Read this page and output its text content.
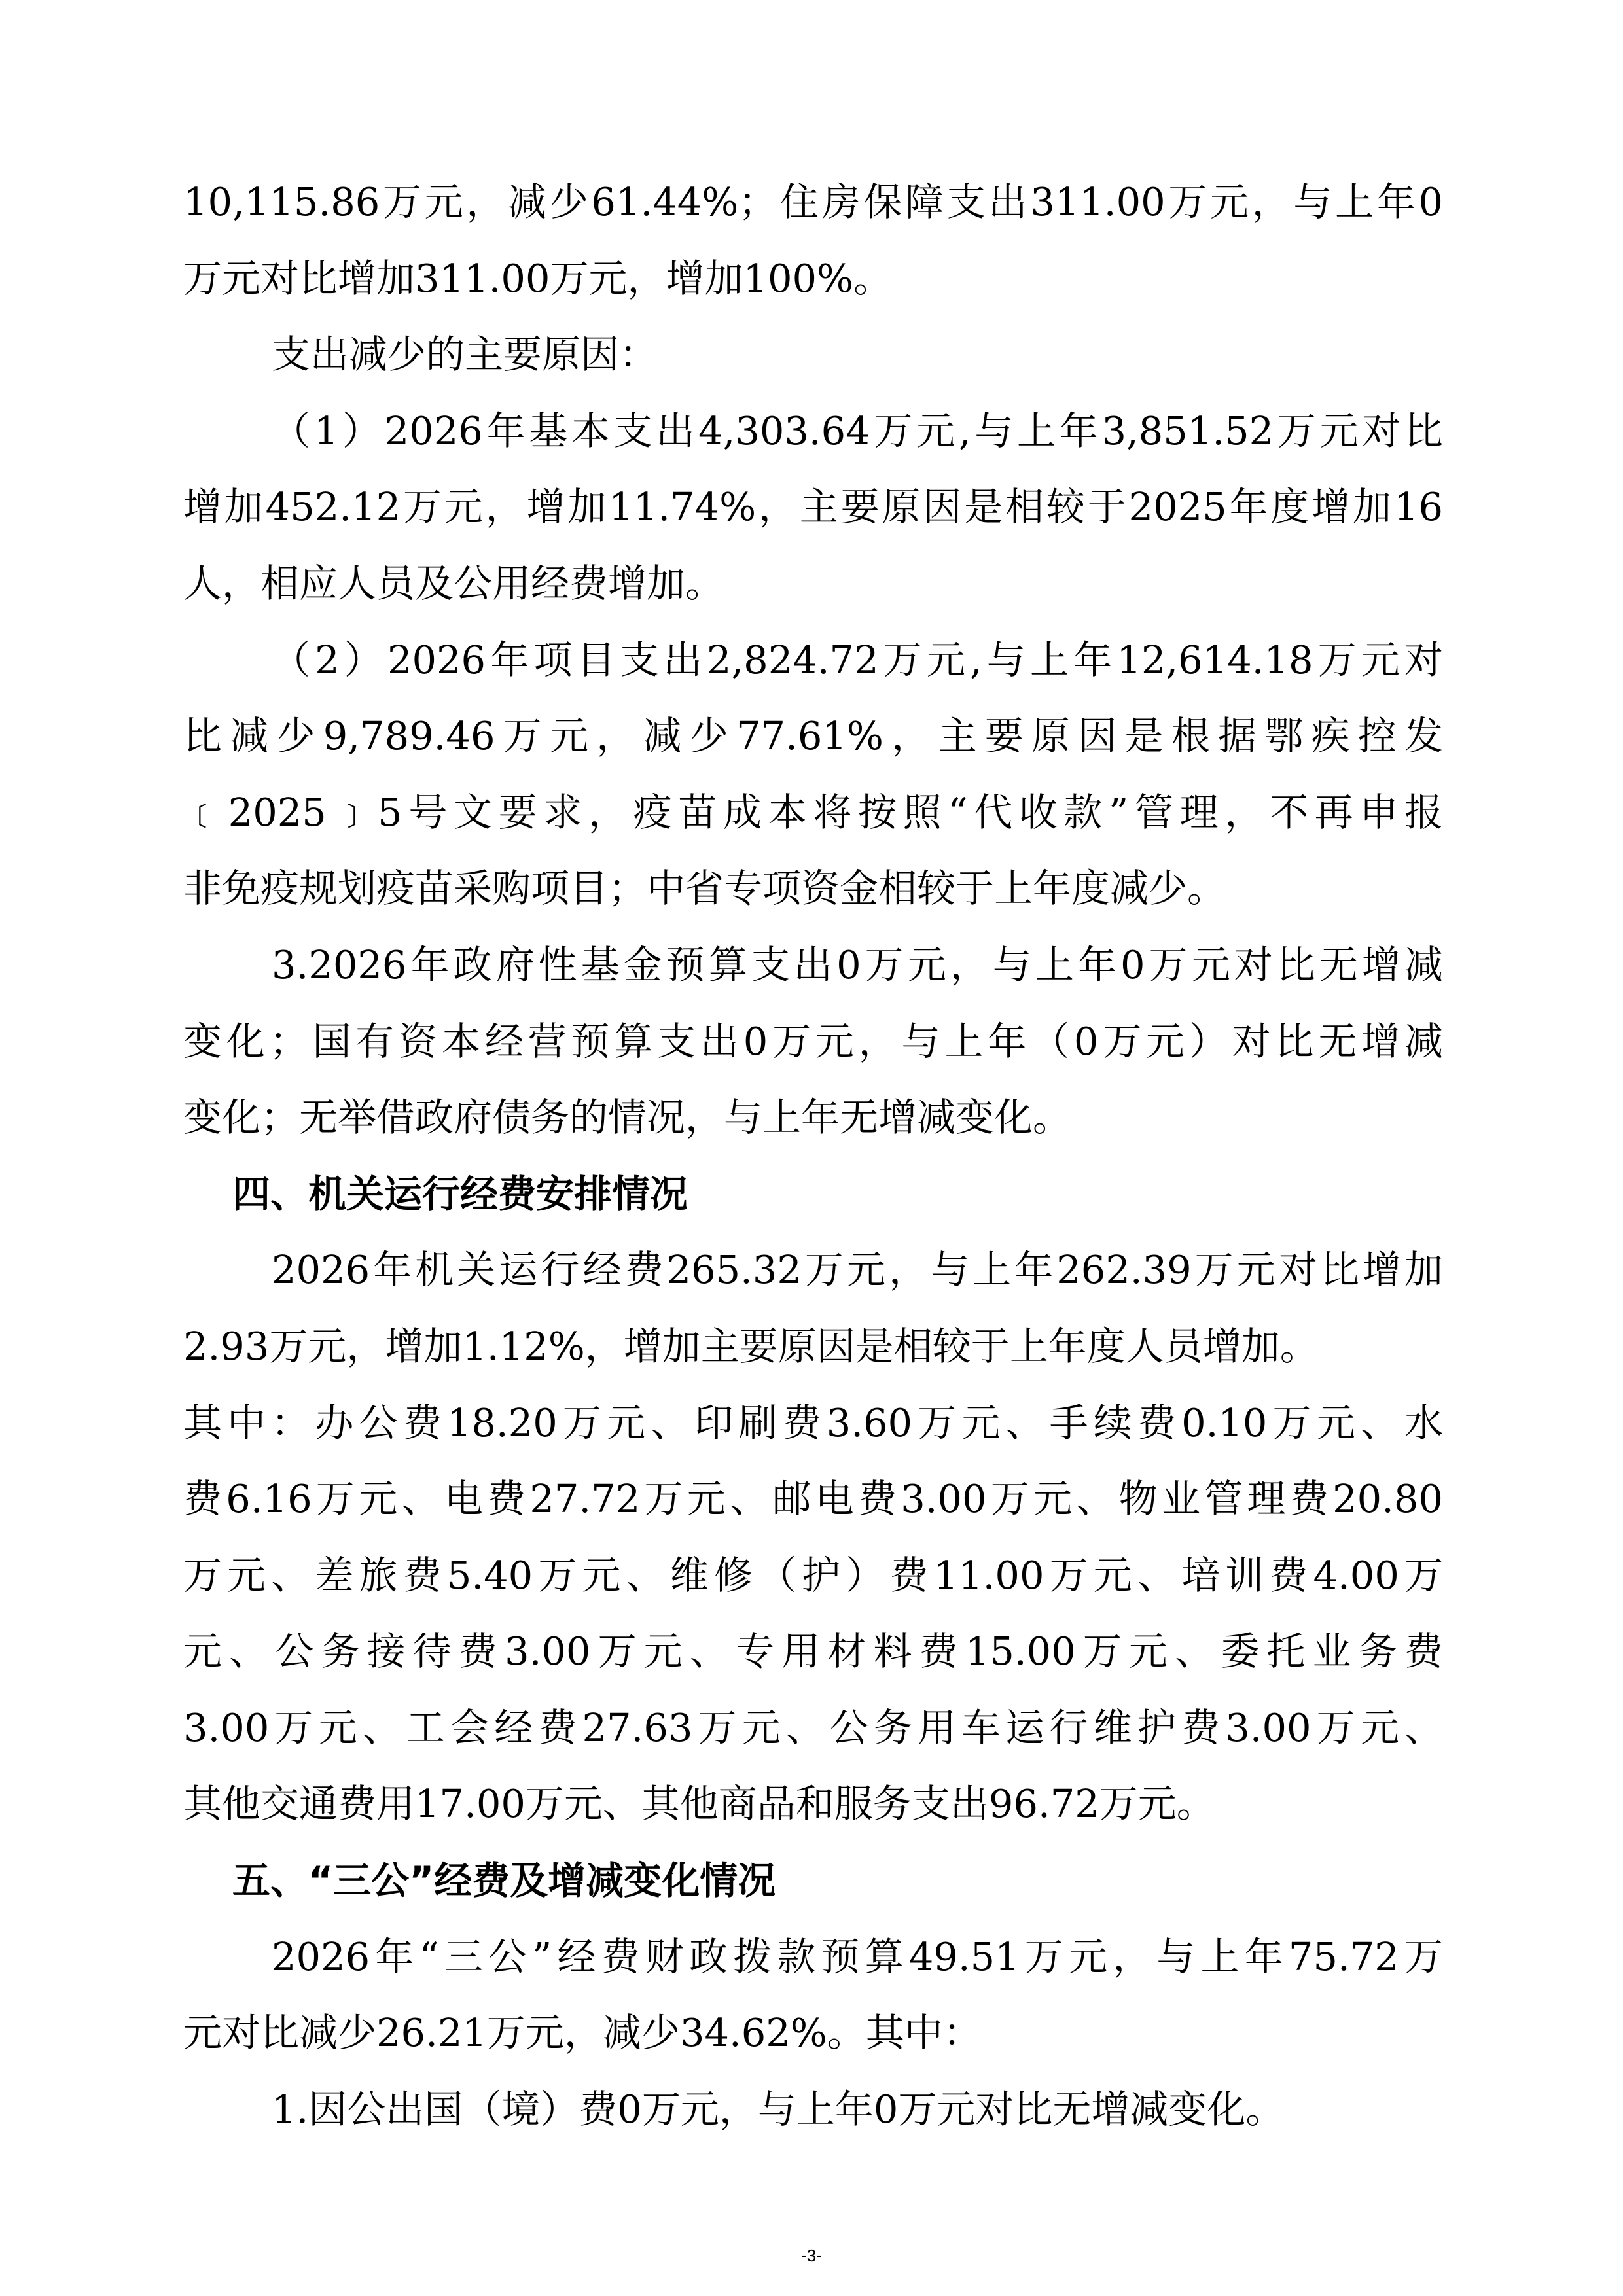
10,115.86万元，减少61.44%；住房保障支出311.00万元，与上年0
万元对比增加311.00万元，增加100%。
支出减少的主要原因：
（1）2026年基本支出4,303.64万元,与上年3,851.52万元对比
增加452.12万元，增加11.74%，主要原因是相较于2025年度增加16
人，相应人员及公用经费增加。
（2）2026年项目支出2,824.72万元,与上年12,614.18万元对
比减少9,789.46万元，减少77.61%，主要原因是根据鄂疾控发
﹝2025﹞5号文要求，疫苗成本将按照“代收款”管理，不再申报
非免疫规划疫苗采购项目；中省专项资金相较于上年度减少。
3.2026年政府性基金预算支出0万元，与上年0万元对比无增减
变化；国有资本经营预算支出0万元，与上年（0万元）对比无增减
变化；无举借政府债务的情况，与上年无增减变化。
四、机关运行经费安排情况
2026年机关运行经费265.32万元，与上年262.39万元对比增加
2.93万元，增加1.12%，增加主要原因是相较于上年度人员增加。
其中：办公费18.20万元、印刷费3.60万元、手续费0.10万元、水
费6.16万元、电费27.72万元、邮电费3.00万元、物业管理费20.80
万元、差旅费5.40万元、维修（护）费11.00万元、培训费4.00万
元、公务接待费3.00万元、专用材料费15.00万元、委托业务费
3.00万元、工会经费27.63万元、公务用车运行维护费3.00万元、
其他交通费用17.00万元、其他商品和服务支出96.72万元。
五、“三公”经费及增减变化情况
2026年“三公”经费财政拨款预算49.51万元，与上年75.72万
元对比减少26.21万元，减少34.62%。其中：
1.因公出国（境）费0万元，与上年0万元对比无增减变化。
-3-
